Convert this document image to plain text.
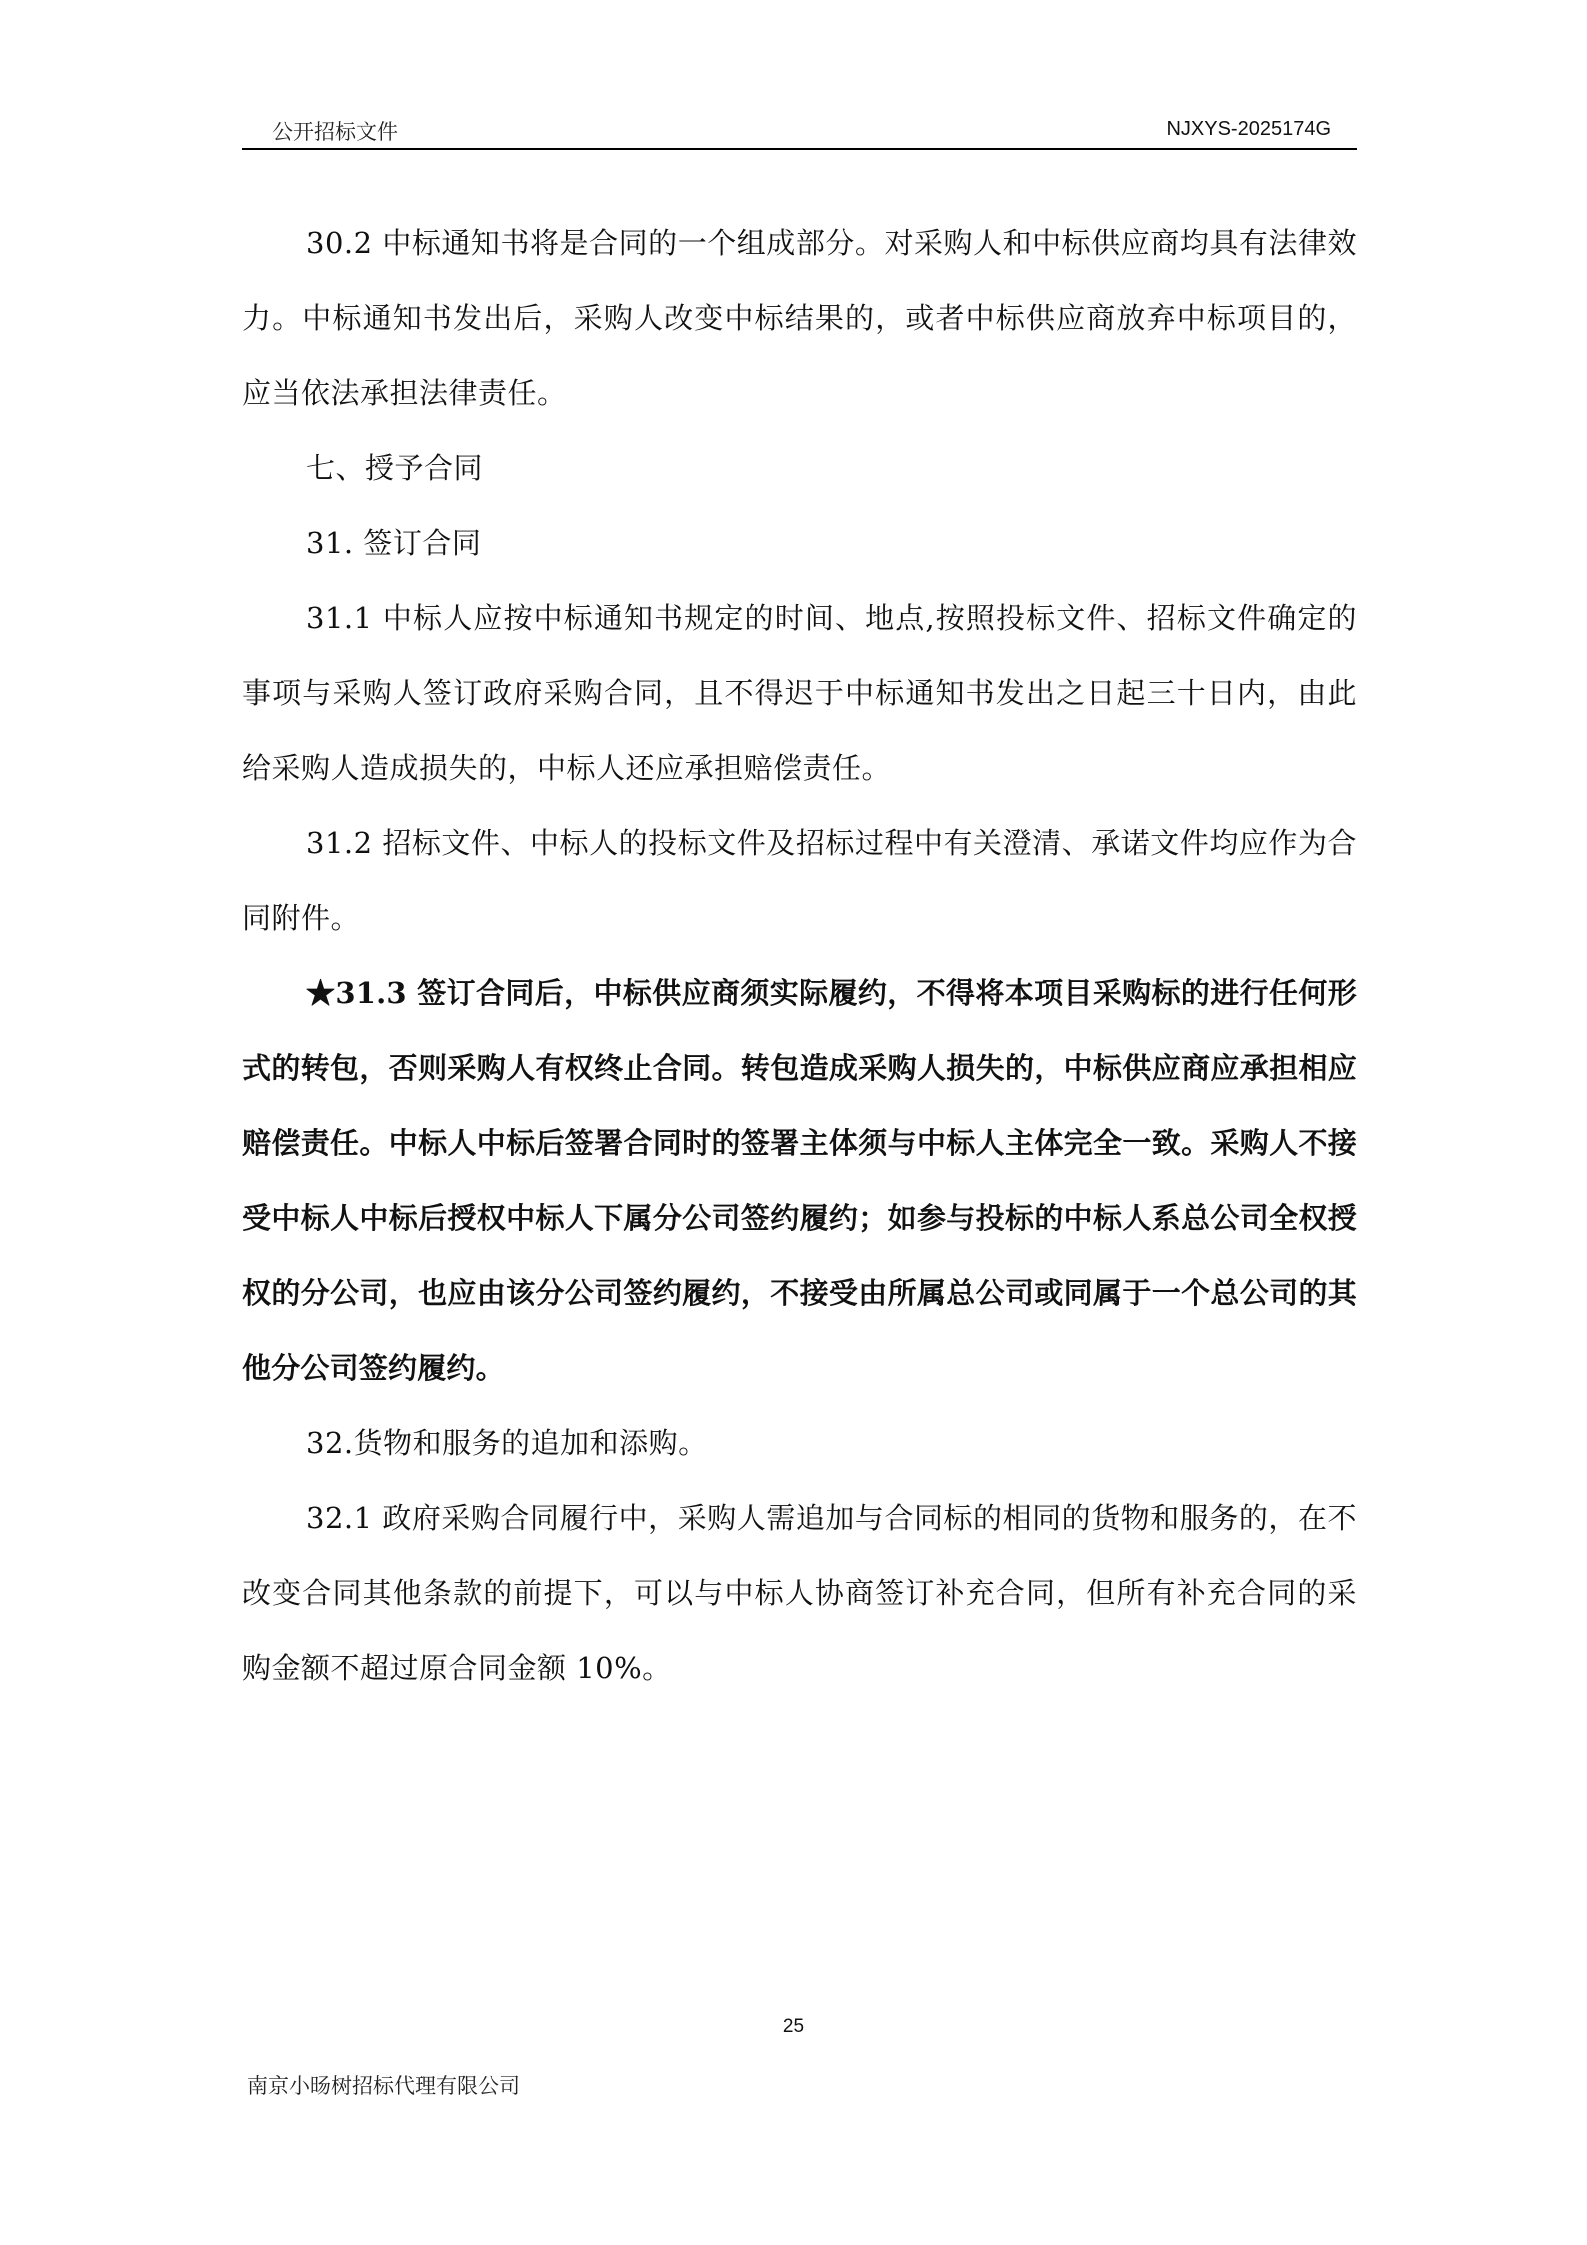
公开招标文件	NJXYS-2025174G

30.2 中标通知书将是合同的一个组成部分。对采购人和中标供应商均具有法律效力。中标通知书发出后，采购人改变中标结果的，或者中标供应商放弃中标项目的，应当依法承担法律责任。

七、授予合同

31. 签订合同

31.1 中标人应按中标通知书规定的时间、地点,按照投标文件、招标文件确定的事项与采购人签订政府采购合同，且不得迟于中标通知书发出之日起三十日内，由此给采购人造成损失的，中标人还应承担赔偿责任。

31.2 招标文件、中标人的投标文件及招标过程中有关澄清、承诺文件均应作为合同附件。

★31.3 签订合同后，中标供应商须实际履约，不得将本项目采购标的进行任何形式的转包，否则采购人有权终止合同。转包造成采购人损失的，中标供应商应承担相应赔偿责任。中标人中标后签署合同时的签署主体须与中标人主体完全一致。采购人不接受中标人中标后授权中标人下属分公司签约履约；如参与投标的中标人系总公司全权授权的分公司，也应由该分公司签约履约，不接受由所属总公司或同属于一个总公司的其他分公司签约履约。

32.货物和服务的追加和添购。

32.1 政府采购合同履行中，采购人需追加与合同标的相同的货物和服务的，在不改变合同其他条款的前提下，可以与中标人协商签订补充合同，但所有补充合同的采购金额不超过原合同金额 10%。

25
南京小旸树招标代理有限公司
